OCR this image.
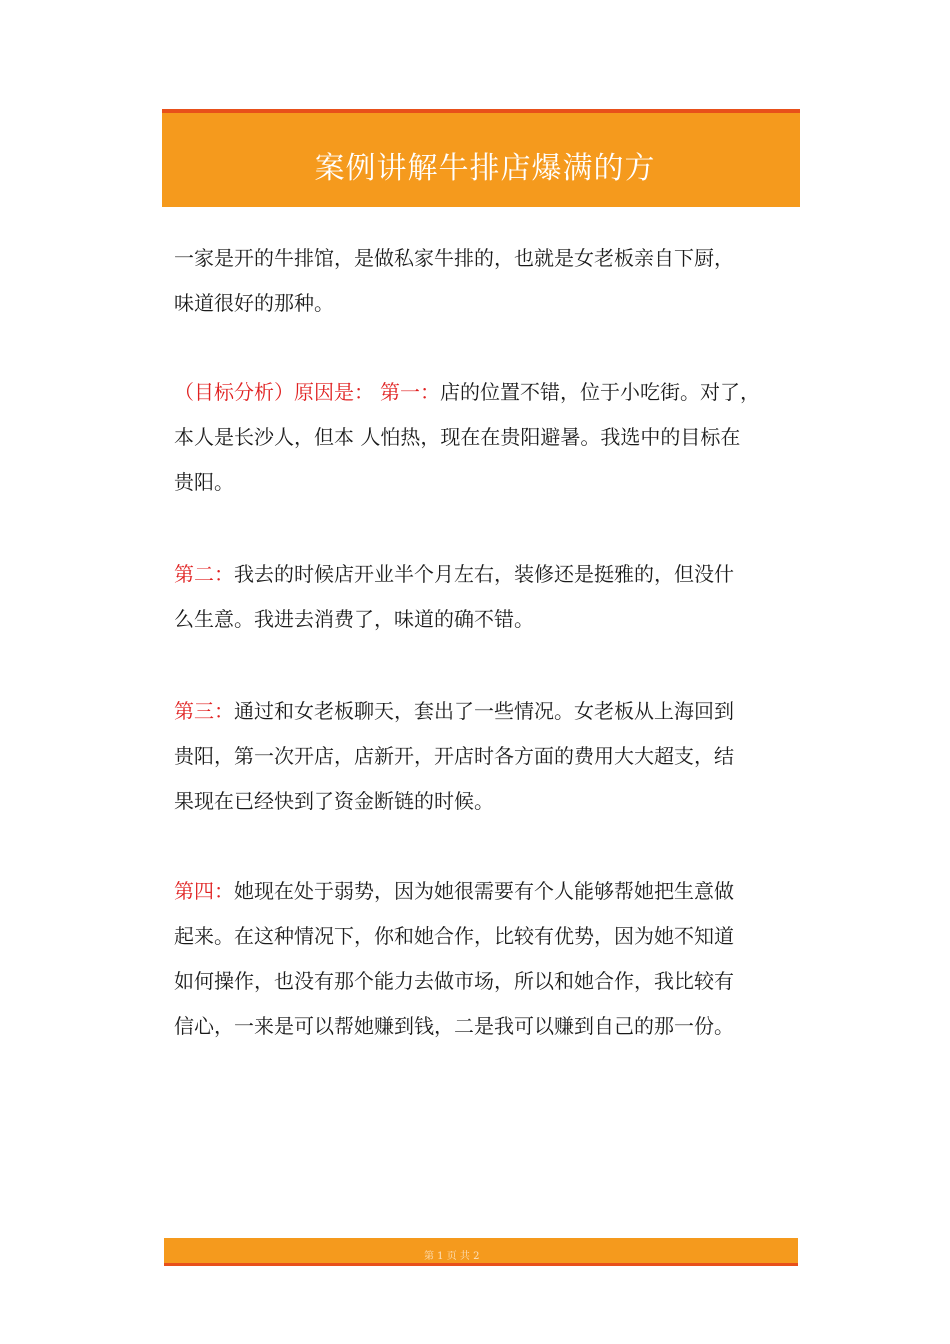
案例讲解牛排店爆满的方
一家是开的牛排馆，是做私家牛排的，也就是女老板亲自下厨，
味道很好的那种。
（目标分析）原因是： 第一：店的位置不错，位于小吃街。对了，
本人是长沙人，但本 人怕热，现在在贵阳避暑。我选中的目标在
贵阳。
第二：我去的时候店开业半个月左右，装修还是挺雅的，但没什
么生意。我进去消费了，味道的确不错。
第三：通过和女老板聊天，套出了一些情况。女老板从上海回到
贵阳，第一次开店，店新开，开店时各方面的费用大大超支，结
果现在已经快到了资金断链的时候。
第四：她现在处于弱势，因为她很需要有个人能够帮她把生意做
起来。在这种情况下，你和她合作，比较有优势，因为她不知道
如何操作，也没有那个能力去做市场，所以和她合作，我比较有
信心，一来是可以帮她赚到钱，二是我可以赚到自己的那一份。
第 1 页 共 2
